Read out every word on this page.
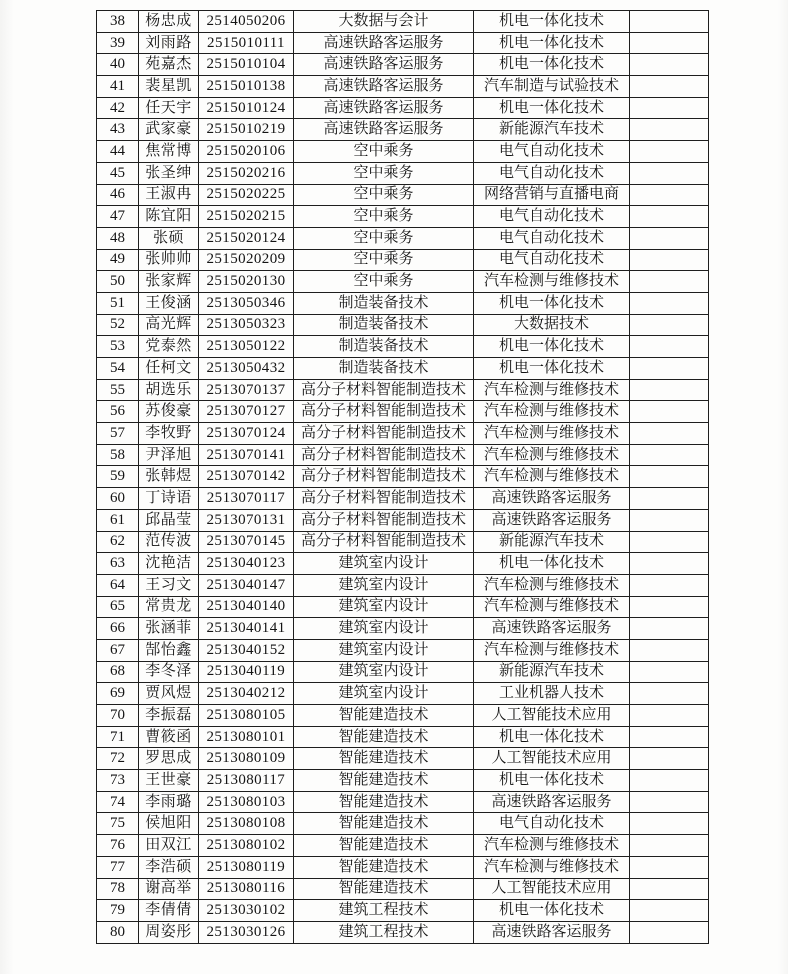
38	杨忠成	2514050206	大数据与会计	机电一体化技术	
39	刘雨路	2515010111	高速铁路客运服务	机电一体化技术	
40	苑嘉杰	2515010104	高速铁路客运服务	机电一体化技术	
41	裴星凯	2515010138	高速铁路客运服务	汽车制造与试验技术	
42	任天宇	2515010124	高速铁路客运服务	机电一体化技术	
43	武家豪	2515010219	高速铁路客运服务	新能源汽车技术	
44	焦常博	2515020106	空中乘务	电气自动化技术	
45	张圣绅	2515020216	空中乘务	电气自动化技术	
46	王淑冉	2515020225	空中乘务	网络营销与直播电商	
47	陈宜阳	2515020215	空中乘务	电气自动化技术	
48	张硕	2515020124	空中乘务	电气自动化技术	
49	张帅帅	2515020209	空中乘务	电气自动化技术	
50	张家辉	2515020130	空中乘务	汽车检测与维修技术	
51	王俊涵	2513050346	制造装备技术	机电一体化技术	
52	高光辉	2513050323	制造装备技术	大数据技术	
53	党泰然	2513050122	制造装备技术	机电一体化技术	
54	任柯文	2513050432	制造装备技术	机电一体化技术	
55	胡选乐	2513070137	高分子材料智能制造技术	汽车检测与维修技术	
56	苏俊豪	2513070127	高分子材料智能制造技术	汽车检测与维修技术	
57	李牧野	2513070124	高分子材料智能制造技术	汽车检测与维修技术	
58	尹泽旭	2513070141	高分子材料智能制造技术	汽车检测与维修技术	
59	张韩煜	2513070142	高分子材料智能制造技术	汽车检测与维修技术	
60	丁诗语	2513070117	高分子材料智能制造技术	高速铁路客运服务	
61	邱晶莹	2513070131	高分子材料智能制造技术	高速铁路客运服务	
62	范传波	2513070145	高分子材料智能制造技术	新能源汽车技术	
63	沈艳洁	2513040123	建筑室内设计	机电一体化技术	
64	王习文	2513040147	建筑室内设计	汽车检测与维修技术	
65	常贵龙	2513040140	建筑室内设计	汽车检测与维修技术	
66	张涵菲	2513040141	建筑室内设计	高速铁路客运服务	
67	郜怡鑫	2513040152	建筑室内设计	汽车检测与维修技术	
68	李冬泽	2513040119	建筑室内设计	新能源汽车技术	
69	贾风煜	2513040212	建筑室内设计	工业机器人技术	
70	李振磊	2513080105	智能建造技术	人工智能技术应用	
71	曹筱函	2513080101	智能建造技术	机电一体化技术	
72	罗思成	2513080109	智能建造技术	人工智能技术应用	
73	王世豪	2513080117	智能建造技术	机电一体化技术	
74	李雨璐	2513080103	智能建造技术	高速铁路客运服务	
75	侯旭阳	2513080108	智能建造技术	电气自动化技术	
76	田双江	2513080102	智能建造技术	汽车检测与维修技术	
77	李浩硕	2513080119	智能建造技术	汽车检测与维修技术	
78	谢高举	2513080116	智能建造技术	人工智能技术应用	
79	李倩倩	2513030102	建筑工程技术	机电一体化技术	
80	周姿彤	2513030126	建筑工程技术	高速铁路客运服务	
